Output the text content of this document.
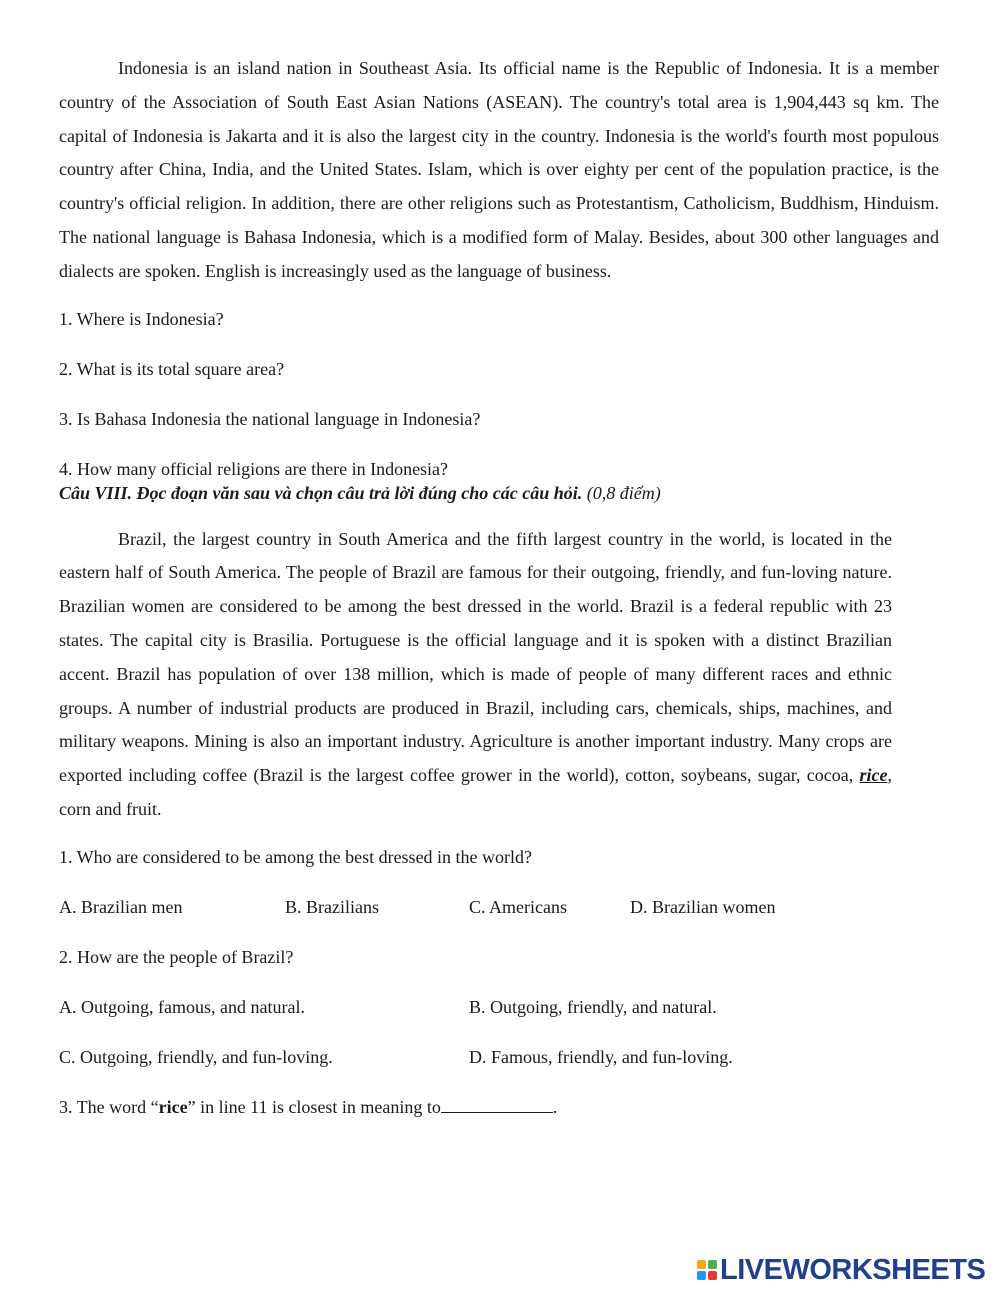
Indonesia is an island nation in Southeast Asia. Its official name is the Republic of Indonesia. It is a member country of the Association of South East Asian Nations (ASEAN). The country's total area is 1,904,443 sq km. The capital of Indonesia is Jakarta and it is also the largest city in the country. Indonesia is the world's fourth most populous country after China, India, and the United States. Islam, which is over eighty per cent of the population practice, is the country's official religion. In addition, there are other religions such as Protestantism, Catholicism, Buddhism, Hinduism. The national language is Bahasa Indonesia, which is a modified form of Malay. Besides, about 300 other languages and dialects are spoken. English is increasingly used as the language of business.

1. Where is Indonesia?

2. What is its total square area?

3. Is Bahasa Indonesia the national language in Indonesia?

4. How many official religions are there in Indonesia?

Câu VIII. Đọc đoạn văn sau và chọn câu trả lời đúng cho các câu hỏi. (0,8 điểm)

Brazil, the largest country in South America and the fifth largest country in the world, is located in the eastern half of South America. The people of Brazil are famous for their outgoing, friendly, and fun-loving nature. Brazilian women are considered to be among the best dressed in the world. Brazil is a federal republic with 23 states. The capital city is Brasilia. Portuguese is the official language and it is spoken with a distinct Brazilian accent. Brazil has population of over 138 million, which is made of people of many different races and ethnic groups. A number of industrial products are produced in Brazil, including cars, chemicals, ships, machines, and military weapons. Mining is also an important industry. Agriculture is another important industry. Many crops are exported including coffee (Brazil is the largest coffee grower in the world), cotton, soybeans, sugar, cocoa, rice, corn and fruit.

1. Who are considered to be among the best dressed in the world?

A. Brazilian men	B. Brazilians	C. Americans	D. Brazilian women

2. How are the people of Brazil?

A. Outgoing, famous, and natural.	B. Outgoing, friendly, and natural.
C. Outgoing, friendly, and fun-loving.	D. Famous, friendly, and fun-loving.

3. The word “rice” in line 11 is closest in meaning to	.

LIVEWORKSHEETS
